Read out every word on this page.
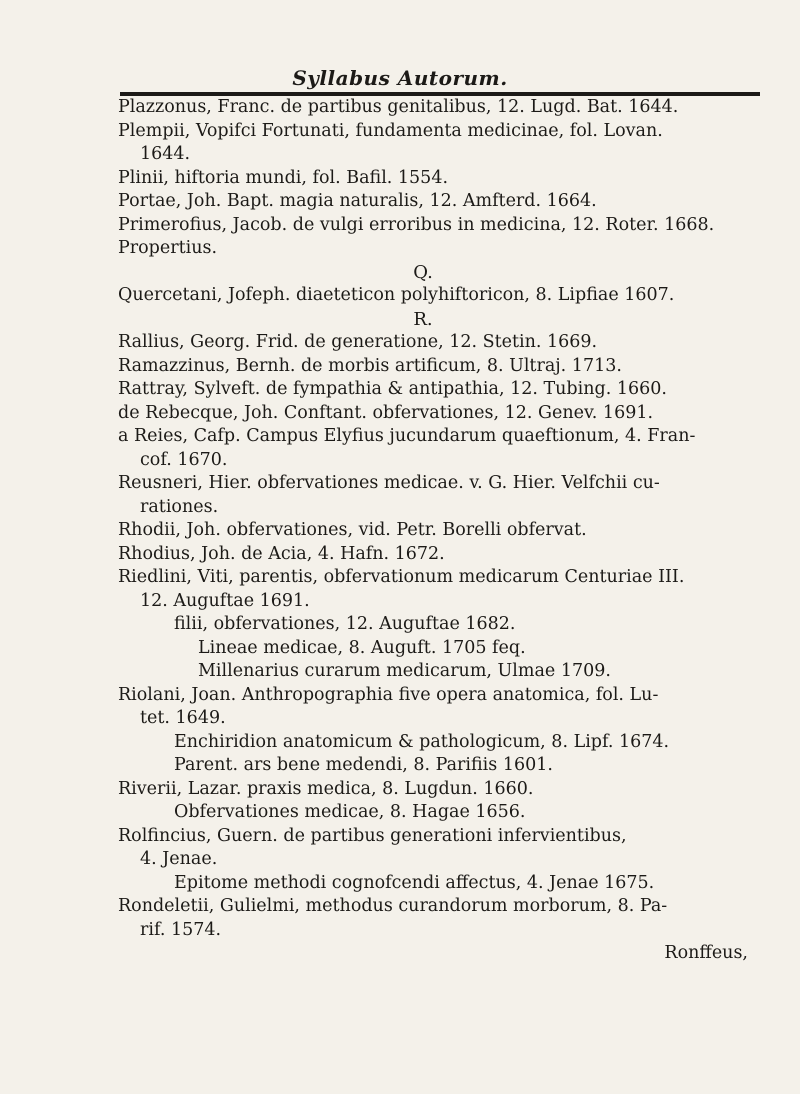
Syllabus Autorum.
Plazzonus, Franc. de partibus genitalibus, 12. Lugd. Bat. 1644.
Plempii, Vopifci Fortunati, fundamenta medicinae, fol. Lovan.
1644.
Plinii, hiftoria mundi, fol. Bafil. 1554.
Portae, Joh. Bapt. magia naturalis, 12. Amfterd. 1664.
Primerofius, Jacob. de vulgi erroribus in medicina, 12. Roter. 1668.
Propertius.
Q.
Quercetani, Jofeph. diaeteticon polyhiftoricon, 8. Lipfiae 1607.
R.
Rallius, Georg. Frid. de generatione, 12. Stetin. 1669.
Ramazzinus, Bernh. de morbis artificum, 8. Ultraj. 1713.
Rattray, Sylveft. de fympathia & antipathia, 12. Tubing. 1660.
de Rebecque, Joh. Conftant. obfervationes, 12. Genev. 1691.
a Reies, Cafp. Campus Elyfius jucundarum quaeftionum, 4. Fran-
cof. 1670.
Reusneri, Hier. obfervationes medicae. v. G. Hier. Velfchii cu-
rationes.
Rhodii, Joh. obfervationes, vid. Petr. Borelli obfervat.
Rhodius, Joh. de Acia, 4. Hafn. 1672.
Riedlini, Viti, parentis, obfervationum medicarum Centuriae III.
12. Auguftae 1691.
filii, obfervationes, 12. Auguftae 1682.
Lineae medicae, 8. Auguft. 1705 feq.
Millenarius curarum medicarum, Ulmae 1709.
Riolani, Joan. Anthropographia five opera anatomica, fol. Lu-
tet. 1649.
Enchiridion anatomicum & pathologicum, 8. Lipf. 1674.
Parent. ars bene medendi, 8. Parifiis 1601.
Riverii, Lazar. praxis medica, 8. Lugdun. 1660.
Obfervationes medicae, 8. Hagae 1656.
Rolfincius, Guern. de partibus generationi infervientibus,
4. Jenae.
Epitome methodi cognofcendi affectus, 4. Jenae 1675.
Rondeletii, Gulielmi, methodus curandorum morborum, 8. Pa-
rif. 1574.
Ronffeus,
